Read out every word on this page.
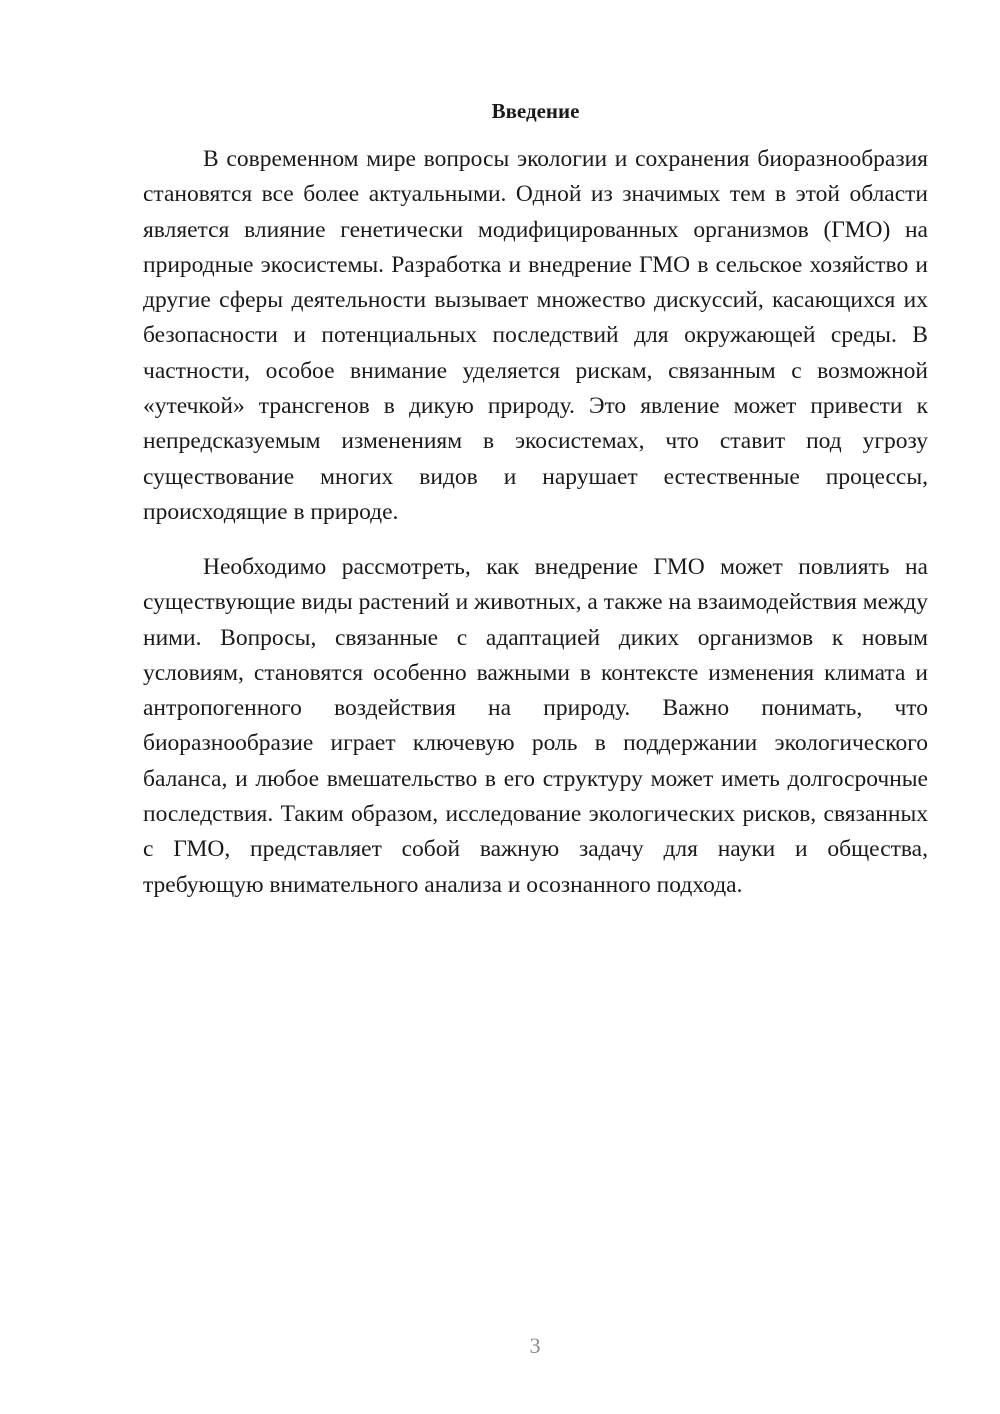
Введение

В современном мире вопросы экологии и сохранения биоразнообразия становятся все более актуальными. Одной из значимых тем в этой области является влияние генетически модифицированных организмов (ГМО) на природные экосистемы. Разработка и внедрение ГМО в сельское хозяйство и другие сферы деятельности вызывает множество дискуссий, касающихся их безопасности и потенциальных последствий для окружающей среды. В частности, особое внимание уделяется рискам, связанным с возможной «утечкой» трансгенов в дикую природу. Это явление может привести к непредсказуемым изменениям в экосистемах, что ставит под угрозу существование многих видов и нарушает естественные процессы, происходящие в природе.

Необходимо рассмотреть, как внедрение ГМО может повлиять на существующие виды растений и животных, а также на взаимодействия между ними. Вопросы, связанные с адаптацией диких организмов к новым условиям, становятся особенно важными в контексте изменения климата и антропогенного воздействия на природу. Важно понимать, что биоразнообразие играет ключевую роль в поддержании экологического баланса, и любое вмешательство в его структуру может иметь долгосрочные последствия. Таким образом, исследование экологических рисков, связанных с ГМО, представляет собой важную задачу для науки и общества, требующую внимательного анализа и осознанного подхода.

3
